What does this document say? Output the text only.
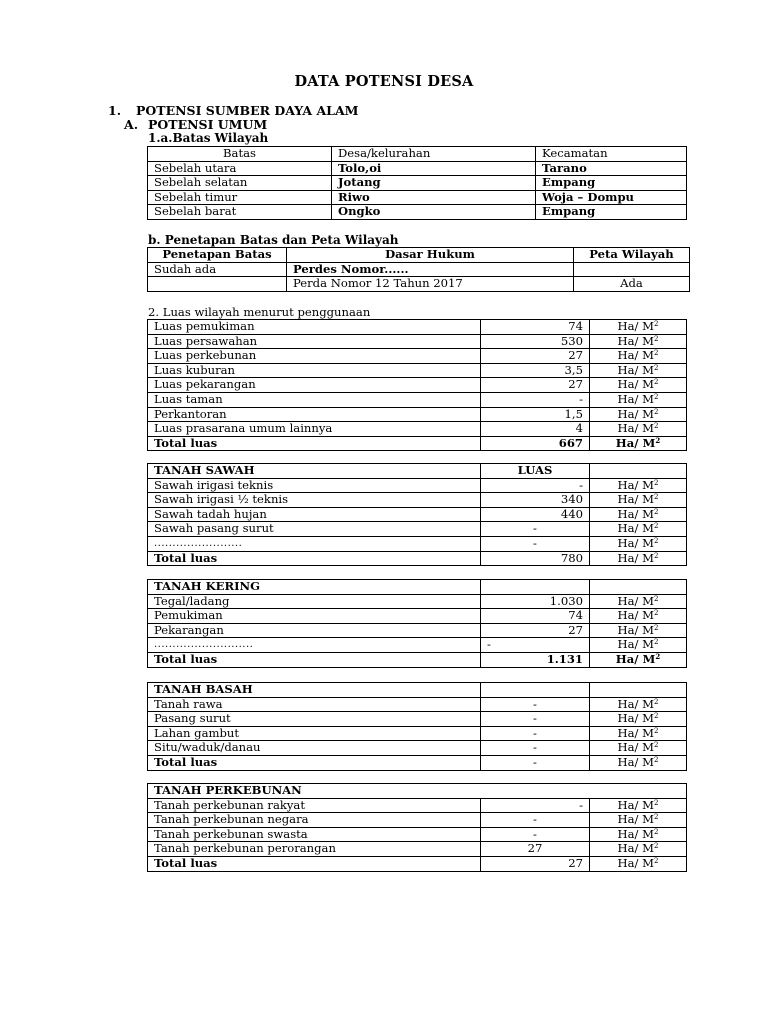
DATA POTENSI DESA
1. POTENSI SUMBER DAYA ALAM
A. POTENSI UMUM
1.a.Batas Wilayah
Batas	Desa/kelurahan	Kecamatan
Sebelah utara	Tolo,oi	Tarano
Sebelah selatan	Jotang	Empang
Sebelah timur	Riwo	Woja – Dompu
Sebelah barat	Ongko	Empang
b. Penetapan Batas dan Peta Wilayah
Penetapan Batas	Dasar Hukum	Peta Wilayah
Sudah ada	Perdes Nomor......	
	Perda Nomor 12 Tahun 2017	Ada
2. Luas wilayah menurut penggunaan
Luas pemukiman	74	Ha/ $M^2$
Luas persawahan	530	Ha/ $M^2$
Luas perkebunan	27	Ha/ $M^2$
Luas kuburan	3,5	Ha/ $M^2$
Luas pekarangan	27	Ha/ $M^2$
Luas taman	-	Ha/ $M^2$
Perkantoran	1,5	Ha/ $M^2$
Luas prasarana umum lainnya	4	Ha/ $M^2$
Total luas	667	Ha/ $M^2$
TANAH SAWAH	LUAS	
Sawah irigasi teknis	-	Ha/ $M^2$
Sawah irigasi ½ teknis	340	Ha/ $M^2$
Sawah tadah hujan	440	Ha/ $M^2$
Sawah pasang surut	-	Ha/ $M^2$
........................	-	Ha/ $M^2$
Total luas	780	Ha/ $M^2$
TANAH KERING		
Tegal/ladang	1.030	Ha/ $M^2$
Pemukiman	74	Ha/ $M^2$
Pekarangan	27	Ha/ $M^2$
...........................	-	Ha/ $M^2$
Total luas	1.131	Ha/ $M^2$
TANAH BASAH		
Tanah rawa	-	Ha/ $M^2$
Pasang surut	-	Ha/ $M^2$
Lahan gambut	-	Ha/ $M^2$
Situ/waduk/danau	-	Ha/ $M^2$
Total luas	-	Ha/ $M^2$
TANAH PERKEBUNAN		
Tanah perkebunan rakyat	-	Ha/ $M^2$
Tanah perkebunan negara	-	Ha/ $M^2$
Tanah perkebunan swasta	-	Ha/ $M^2$
Tanah perkebunan perorangan	27	Ha/ $M^2$
Total luas	27	Ha/ $M^2$
